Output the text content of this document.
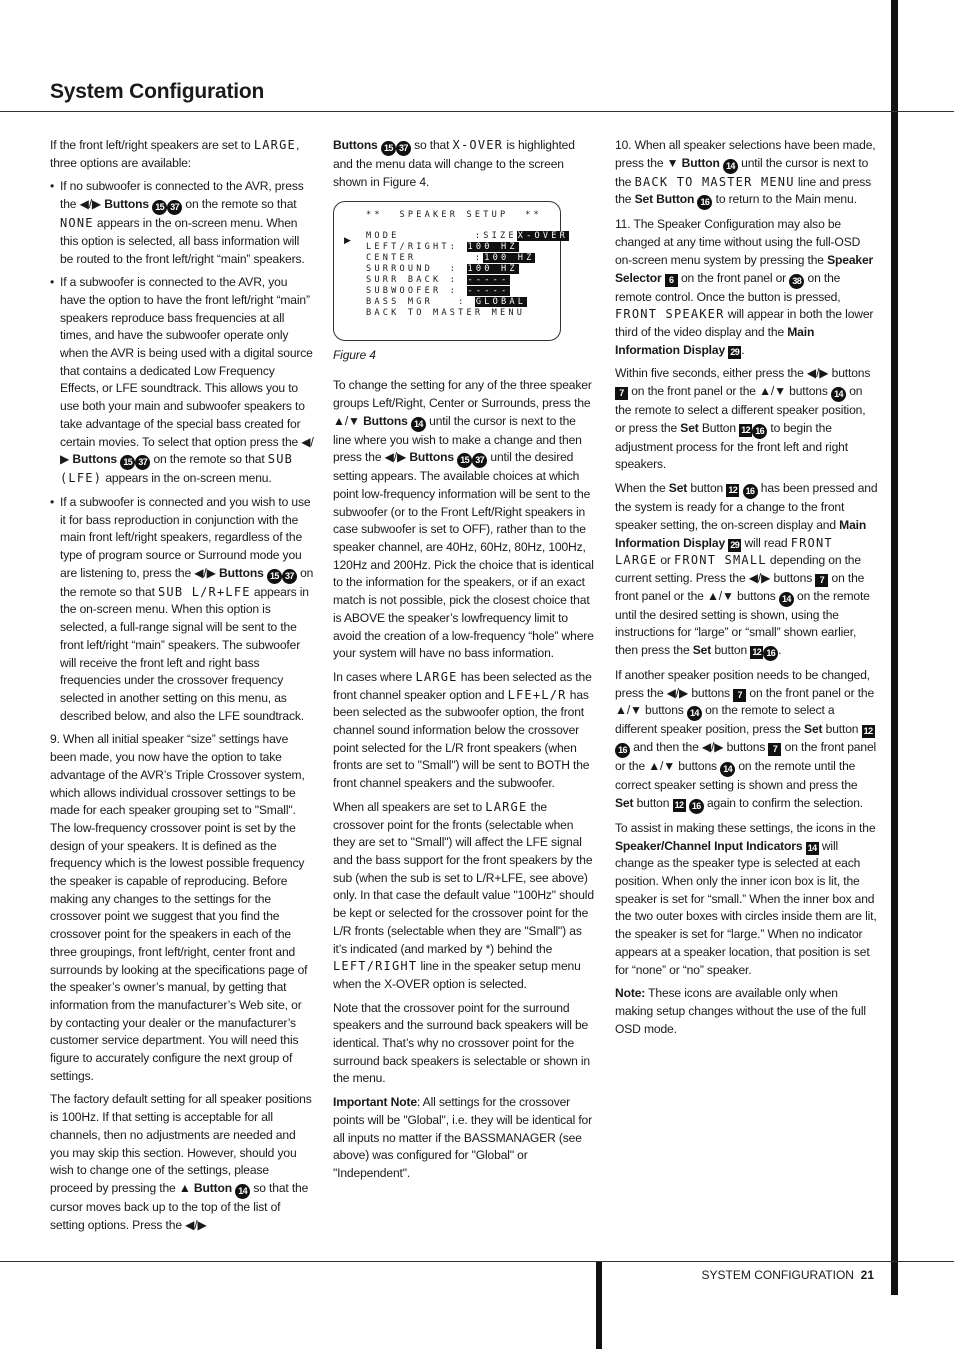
System Configuration

If the front left/right speakers are set to LARGE, three options are available:

• If no subwoofer is connected to the AVR, press the ◀/▶ Buttons 15 37 on the remote so that NONE appears in the on-screen menu. When this option is selected, all bass information will be routed to the front left/right “main” speakers.
• If a subwoofer is connected to the AVR, you have the option to have the front left/right “main” speakers reproduce bass frequencies at all times, and have the subwoofer operate only when the AVR is being used with a digital source that contains a dedicated Low Frequency Effects, or LFE soundtrack. This allows you to use both your main and subwoofer speakers to take advantage of the special bass created for certain movies. To select that option press the ◀/▶ Buttons 15 37 on the remote so that SUB (LFE) appears in the on-screen menu.
• If a subwoofer is connected and you wish to use it for bass reproduction in conjunction with the main front left/right speakers, regardless of the type of program source or Surround mode you are listening to, press the ◀/▶ Buttons 15 37 on the remote so that SUB L/R+LFE appears in the on-screen menu. When this option is selected, a full-range signal will be sent to the front left/right “main” speakers. The subwoofer will receive the front left and right bass frequencies under the crossover frequency selected in another setting on this menu, as described below, and also the LFE soundtrack.

9. When all initial speaker “size” settings have been made, you now have the option to take advantage of the AVR’s Triple Crossover system, which allows individual crossover settings to be made for each speaker grouping set to "Small". The low-frequency crossover point is set by the design of your speakers. It is defined as the frequency which is the lowest possible frequency the speaker is capable of reproducing. Before making any changes to the settings for the crossover point we suggest that you find the crossover point for the speakers in each of the three groupings, front left/right, center front and surrounds by looking at the specifications page of the speaker’s owner’s manual, by getting that information from the manufacturer’s Web site, or by contacting your dealer or the manufacturer’s customer service department. You will need this figure to accurately configure the next group of settings.

The factory default setting for all speaker positions is 100Hz. If that setting is acceptable for all channels, then no adjustments are needed and you may skip this section. However, should you wish to change one of the settings, please proceed by pressing the ▲ Button 14 so that the cursor moves back up to the top of the list of setting options. Press the ◀/▶

Buttons 15 37 so that X-OVER is highlighted and the menu data will change to the screen shown in Figure 4.

▶
**  SPEAKER SETUP  **
MODE         :SIZEX-OVER
LEFT/RIGHT: 100 HZ
CENTER       :100 HZ
SURROUND  : 100 HZ
SURR BACK : -----
SUBWOOFER : -----
BASS MGR   : GLOBAL
BACK TO MASTER MENU
Figure 4

To change the setting for any of the three speaker groups Left/Right, Center or Surrounds, press the ▲/▼ Buttons 14 until the cursor is next to the line where you wish to make a change and then press the ◀/▶ Buttons 15 37 until the desired setting appears. The available choices at which point low-frequency information will be sent to the subwoofer (or to the Front Left/Right speakers in case subwoofer is set to OFF), rather than to the speaker channel, are 40Hz, 60Hz, 80Hz, 100Hz, 120Hz and 200Hz. Pick the choice that is identical to the information for the speakers, or if an exact match is not possible, pick the closest choice that is ABOVE the speaker’s lowfrequency limit to avoid the creation of a low-frequency “hole” where your system will have no bass information.

In cases where LARGE has been selected as the front channel speaker option and LFE+L/R has been selected as the subwoofer option, the front channel sound information below the crossover point selected for the L/R front speakers (when fronts are set to "Small") will be sent to BOTH the front channel speakers and the subwoofer.

When all speakers are set to LARGE the crossover point for the fronts (selectable when they are set to "Small") will affect the LFE signal and the bass support for the front speakers by the sub (when the sub is set to L/R+LFE, see above) only. In that case the default value "100Hz" should be kept or selected for the crossover point for the L/R fronts (selectable when they are "Small") as it’s indicated (and marked by *) behind the LEFT/RIGHT line in the speaker setup menu when the X-OVER option is selected.

Note that the crossover point for the surround speakers and the surround back speakers will be identical. That’s why no crossover point for the surround back speakers is selectable or shown in the menu.

Important Note: All settings for the crossover points will be "Global", i.e. they will be identical for all inputs no matter if the BASSMANAGER (see above) was configured for "Global" or "Independent".

10. When all speaker selections have been made, press the ▼ Button 14 until the cursor is next to the BACK TO MASTER MENU line and press the Set Button 16 to return to the Main menu.

11. The Speaker Configuration may also be changed at any time without using the full-OSD on-screen menu system by pressing the Speaker Selector 6 on the front panel or 38 on the remote control. Once the button is pressed, FRONT SPEAKER will appear in both the lower third of the video display and the Main Information Display 29 .

Within five seconds, either press the ◀/▶ buttons 7 on the front panel or the ▲/▼ buttons 14 on the remote to select a different speaker position, or press the Set Button 12 16 to begin the adjustment process for the front left and right speakers.

When the Set button 12 16 has been pressed and the system is ready for a change to the front speaker setting, the on-screen display and Main Information Display 29 will read FRONT LARGE or FRONT SMALL depending on the current setting. Press the ◀/▶ buttons 7 on the front panel or the ▲/▼ buttons 14 on the remote until the desired setting is shown, using the instructions for “large” or “small” shown earlier, then press the Set button 12 16 .

If another speaker position needs to be changed, press the ◀/▶ buttons 7 on the front panel or the ▲/▼ buttons 14 on the remote to select a different speaker position, press the Set button 12 16 and then the ◀/▶ buttons 7 on the front panel or the ▲/▼ buttons 14 on the remote until the correct speaker setting is shown and press the Set button 12 16 again to confirm the selection.

To assist in making these settings, the icons in the Speaker/Channel Input Indicators 14 will change as the speaker type is selected at each position. When only the inner icon box is lit, the speaker is set for “small.” When the inner box and the two outer boxes with circles inside them are lit, the speaker is set for “large.” When no indicator appears at a speaker location, that position is set for “none” or “no” speaker.

Note: These icons are available only when making setup changes without the use of the full OSD mode.

SYSTEM CONFIGURATION 21
